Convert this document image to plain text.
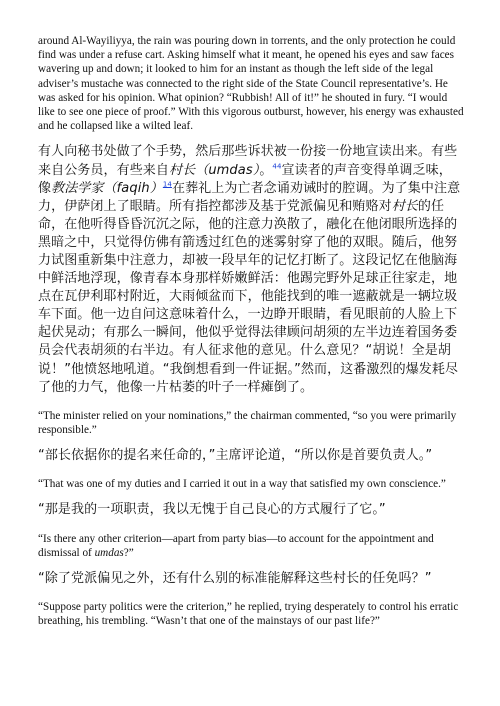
around Al-Wayiliyya, the rain was pouring down in torrents, and the only protection he could find was under a refuse cart. Asking himself what it meant, he opened his eyes and saw faces wavering up and down; it looked to him for an instant as though the left side of the legal adviser’s mustache was connected to the right side of the State Council representative’s. He was asked for his opinion. What opinion? “Rubbish! All of it!” he shouted in fury. “I would like to see one piece of proof.” With this vigorous outburst, however, his energy was exhausted and he collapsed like a wilted leaf.

有人向秘书处做了个手势，然后那些诉状被一份接一份地宣读出来。有些来自公务员，有些来自村长（umdas）。$^{44}$宣读者的声音变得单调乏味，像教法学家（faqih）$^{14}$在葬礼上为亡者念诵劝诫时的腔调。为了集中注意力，伊萨闭上了眼睛。所有指控都涉及基于党派偏见和贿赂对村长的任命，在他听得昏昏沉沉之际，他的注意力涣散了，融化在他闭眼所选择的黑暗之中，只觉得仿佛有箭透过红色的迷雾射穿了他的双眼。随后，他努力试图重新集中注意力，却被一段早年的记忆打断了。这段记忆在他脑海中鲜活地浮现，像青春本身那样娇嫩鲜活：他踢完野外足球正往家走，地点在瓦伊利耶村附近，大雨倾盆而下，他能找到的唯一遮蔽就是一辆垃圾车下面。他一边自问这意味着什么，一边睁开眼睛，看见眼前的人脸上下起伏晃动；有那么一瞬间，他似乎觉得法律顾问胡须的左半边连着国务委员会代表胡须的右半边。有人征求他的意见。什么意见？“胡说！全是胡说！”他愤怒地吼道。“我倒想看到一件证据。”然而，这番激烈的爆发耗尽了他的力气，他像一片枯萎的叶子一样瘫倒了。

“The minister relied on your nominations,” the chairman commented, “so you were primarily responsible.”

“部长依据你的提名来任命的，”主席评论道，“所以你是首要负责人。”

“That was one of my duties and I carried it out in a way that satisfied my own conscience.”

“那是我的一项职责，我以无愧于自己良心的方式履行了它。”

“Is there any other criterion—apart from party bias—to account for the appointment and dismissal of umdas?”

“除了党派偏见之外，还有什么别的标准能解释这些村长的任免吗？”

“Suppose party politics were the criterion,” he replied, trying desperately to control his erratic breathing, his trembling. “Wasn’t that one of the mainstays of our past life?”
